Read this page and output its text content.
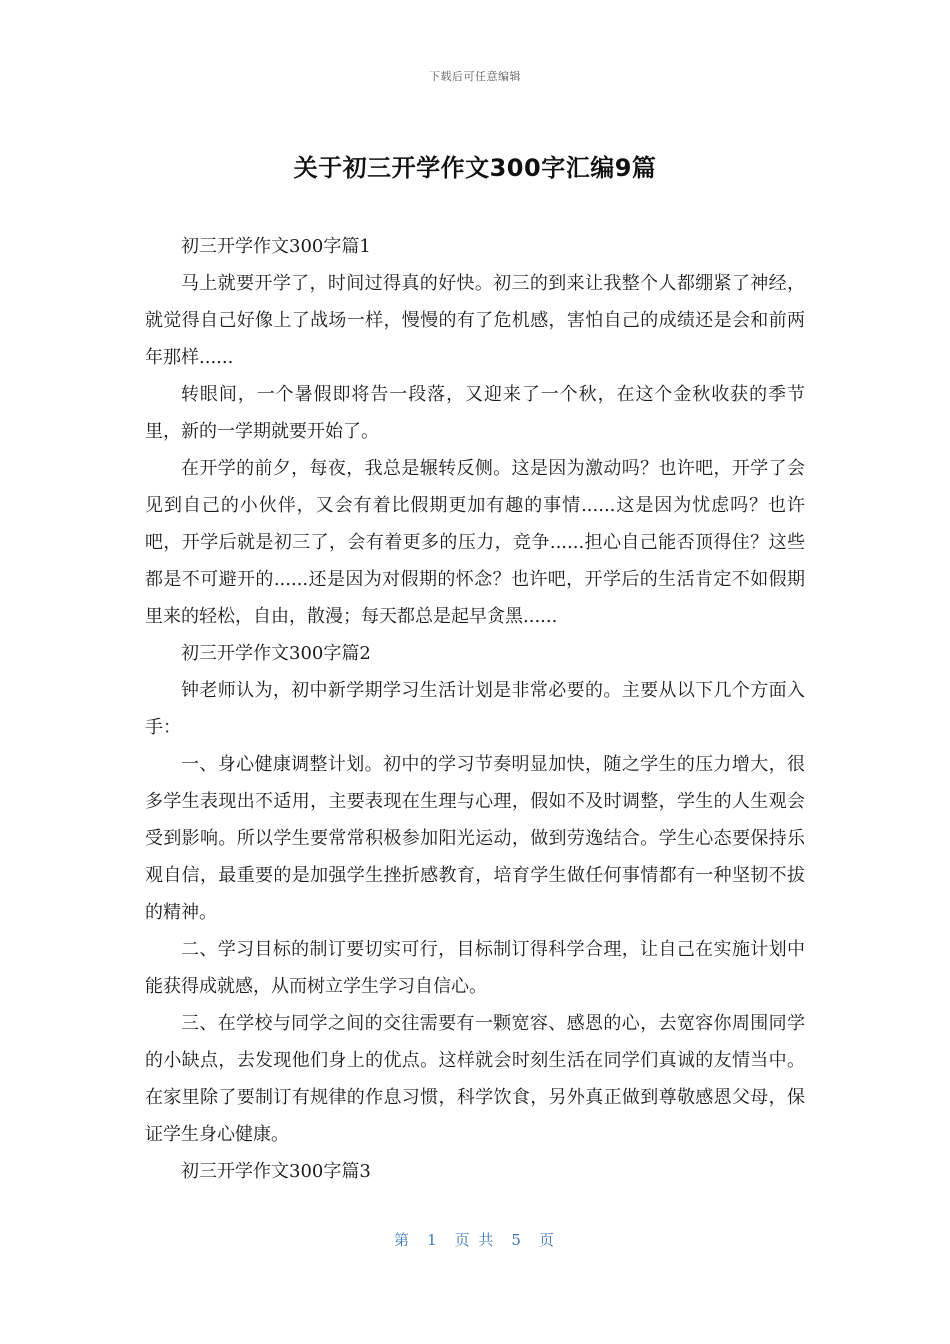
下载后可任意编辑
关于初三开学作文300字汇编9篇

初三开学作文300字篇1

马上就要开学了，时间过得真的好快。初三的到来让我整个人都绷紧了神经，就觉得自己好像上了战场一样，慢慢的有了危机感，害怕自己的成绩还是会和前两年那样......

转眼间，一个暑假即将告一段落，又迎来了一个秋，在这个金秋收获的季节里，新的一学期就要开始了。

在开学的前夕，每夜，我总是辗转反侧。这是因为激动吗？也许吧，开学了会见到自己的小伙伴，又会有着比假期更加有趣的事情......这是因为忧虑吗？也许吧，开学后就是初三了，会有着更多的压力，竞争......担心自己能否顶得住？这些都是不可避开的......还是因为对假期的怀念？也许吧，开学后的生活肯定不如假期里来的轻松，自由，散漫；每天都总是起早贪黑......

初三开学作文300字篇2

钟老师认为，初中新学期学习生活计划是非常必要的。主要从以下几个方面入手：

一、身心健康调整计划。初中的学习节奏明显加快，随之学生的压力增大，很多学生表现出不适用，主要表现在生理与心理，假如不及时调整，学生的人生观会受到影响。所以学生要常常积极参加阳光运动，做到劳逸结合。学生心态要保持乐观自信，最重要的是加强学生挫折感教育，培育学生做任何事情都有一种坚韧不拔的精神。

二、学习目标的制订要切实可行，目标制订得科学合理，让自己在实施计划中能获得成就感，从而树立学生学习自信心。

三、在学校与同学之间的交往需要有一颗宽容、感恩的心，去宽容你周围同学的小缺点，去发现他们身上的优点。这样就会时刻生活在同学们真诚的友情当中。在家里除了要制订有规律的作息习惯，科学饮食，另外真正做到尊敬感恩父母，保证学生身心健康。

初三开学作文300字篇3

第 1 页 共 5 页
